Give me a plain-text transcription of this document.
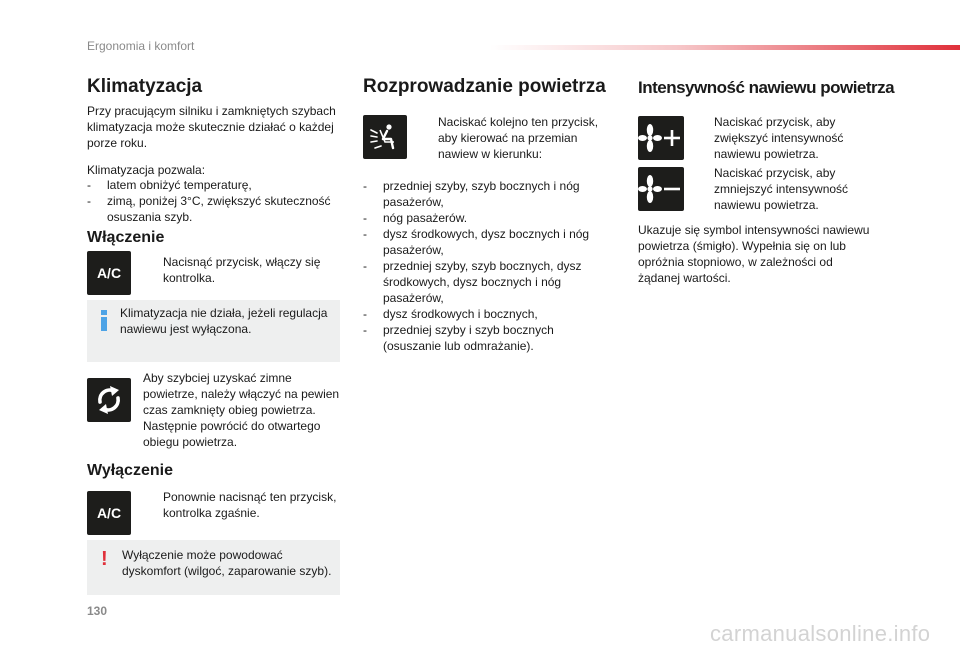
Ergonomia i komfort
Klimatyzacja
Przy pracującym silniku i zamkniętych szybach klimatyzacja może skutecznie działać o każdej porze roku.
Klimatyzacja pozwala:
- latem obniżyć temperaturę,
- zimą, poniżej 3°C, zwiększyć skuteczność osuszania szyb.
Włączenie
A/C
Nacisnąć przycisk, włączy się kontrolka.
Klimatyzacja nie działa, jeżeli regulacja nawiewu jest wyłączona.
Aby szybciej uzyskać zimne powietrze, należy włączyć na pewien czas zamknięty obieg powietrza. Następnie powrócić do otwartego obiegu powietrza.
Wyłączenie
A/C
Ponownie nacisnąć ten przycisk, kontrolka zgaśnie.
! Wyłączenie może powodować dyskomfort (wilgoć, zaparowanie szyb).
Rozprowadzanie powietrza
Naciskać kolejno ten przycisk, aby kierować na przemian nawiew w kierunku:
- przedniej szyby, szyb bocznych i nóg pasażerów,
- nóg pasażerów.
- dysz środkowych, dysz bocznych i nóg pasażerów,
- przedniej szyby, szyb bocznych, dysz środkowych, dysz bocznych i nóg pasażerów,
- dysz środkowych i bocznych,
- przedniej szyby i szyb bocznych (osuszanie lub odmrażanie).
Intensywność nawiewu powietrza
Naciskać przycisk, aby zwiększyć intensywność nawiewu powietrza.
Naciskać przycisk, aby zmniejszyć intensywność nawiewu powietrza.
Ukazuje się symbol intensywności nawiewu powietrza (śmigło). Wypełnia się on lub opróżnia stopniowo, w zależności od żądanej wartości.
130
carmanualsonline.info
